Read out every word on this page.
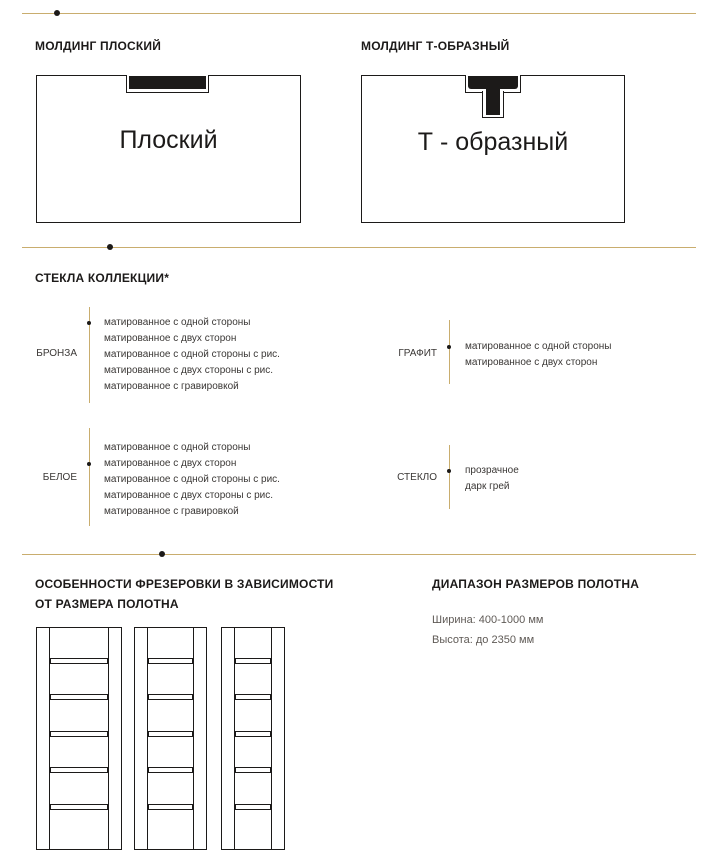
МОЛДИНГ ПЛОСКИЙ
Плоский
МОЛДИНГ Т-ОБРАЗНЫЙ
Т - образный
СТЕКЛА КОЛЛЕКЦИИ*
БРОНЗА
матированное с одной стороны
матированное с двух сторон
матированное с одной стороны с рис.
матированное с двух стороны с рис.
матированное с гравировкой
ГРАФИТ
матированное с одной стороны
матированное с двух сторон
БЕЛОЕ
матированное с одной стороны
матированное с двух сторон
матированное с одной стороны с рис.
матированное с двух стороны с рис.
матированное с гравировкой
СТЕКЛО
прозрачное
дарк грей
ОСОБЕННОСТИ ФРЕЗЕРОВКИ В ЗАВИСИМОСТИ
ОТ РАЗМЕРА ПОЛОТНА
ДИАПАЗОН РАЗМЕРОВ ПОЛОТНА
Ширина: 400-1000 мм
Высота: до 2350 мм
